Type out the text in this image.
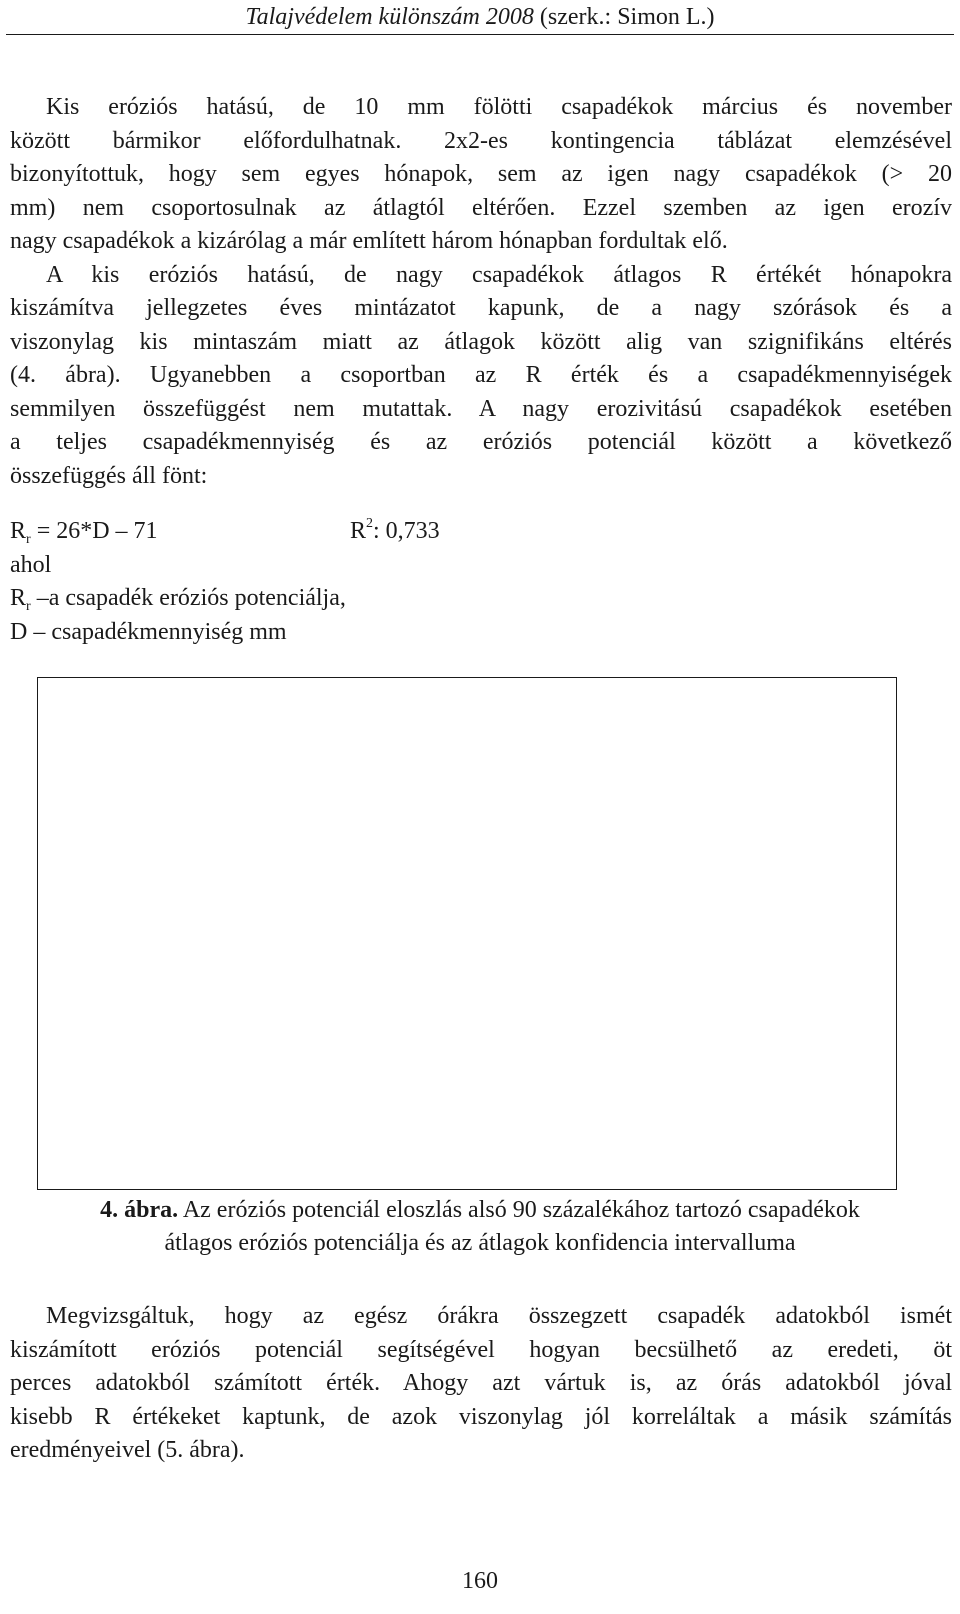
Talajvédelem különszám 2008 (szerk.: Simon L.)
Kis eróziós hatású, de 10 mm fölötti csapadékok március és november
között bármikor előfordulhatnak. 2x2-es kontingencia táblázat elemzésével
bizonyítottuk, hogy sem egyes hónapok, sem az igen nagy csapadékok (> 20
mm) nem csoportosulnak az átlagtól eltérően. Ezzel szemben az igen erozív
nagy csapadékok a kizárólag a már említett három hónapban fordultak elő.
A kis eróziós hatású, de nagy csapadékok átlagos R értékét hónapokra
kiszámítva jellegzetes éves mintázatot kapunk, de a nagy szórások és a
viszonylag kis mintaszám miatt az átlagok között alig van szignifikáns eltérés
(4. ábra). Ugyanebben a csoportban az R érték és a csapadékmennyiségek
semmilyen összefüggést nem mutattak. A nagy erozivitású csapadékok esetében
a teljes csapadékmennyiség és az eróziós potenciál között a következő
összefüggés áll fönt:
$R_r = 26*D - 71$	$R^2$: 0,733
ahol
$R_r$ –a csapadék eróziós potenciálja,
D – csapadékmennyiség mm
4. ábra. Az eróziós potenciál eloszlás alsó 90 százalékához tartozó csapadékok
átlagos eróziós potenciálja és az átlagok konfidencia intervalluma
Megvizsgáltuk, hogy az egész órákra összegzett csapadék adatokból ismét
kiszámított eróziós potenciál segítségével hogyan becsülhető az eredeti, öt
perces adatokból számított érték. Ahogy azt vártuk is, az órás adatokból jóval
kisebb R értékeket kaptunk, de azok viszonylag jól korreláltak a másik számítás
eredményeivel (5. ábra).
160
